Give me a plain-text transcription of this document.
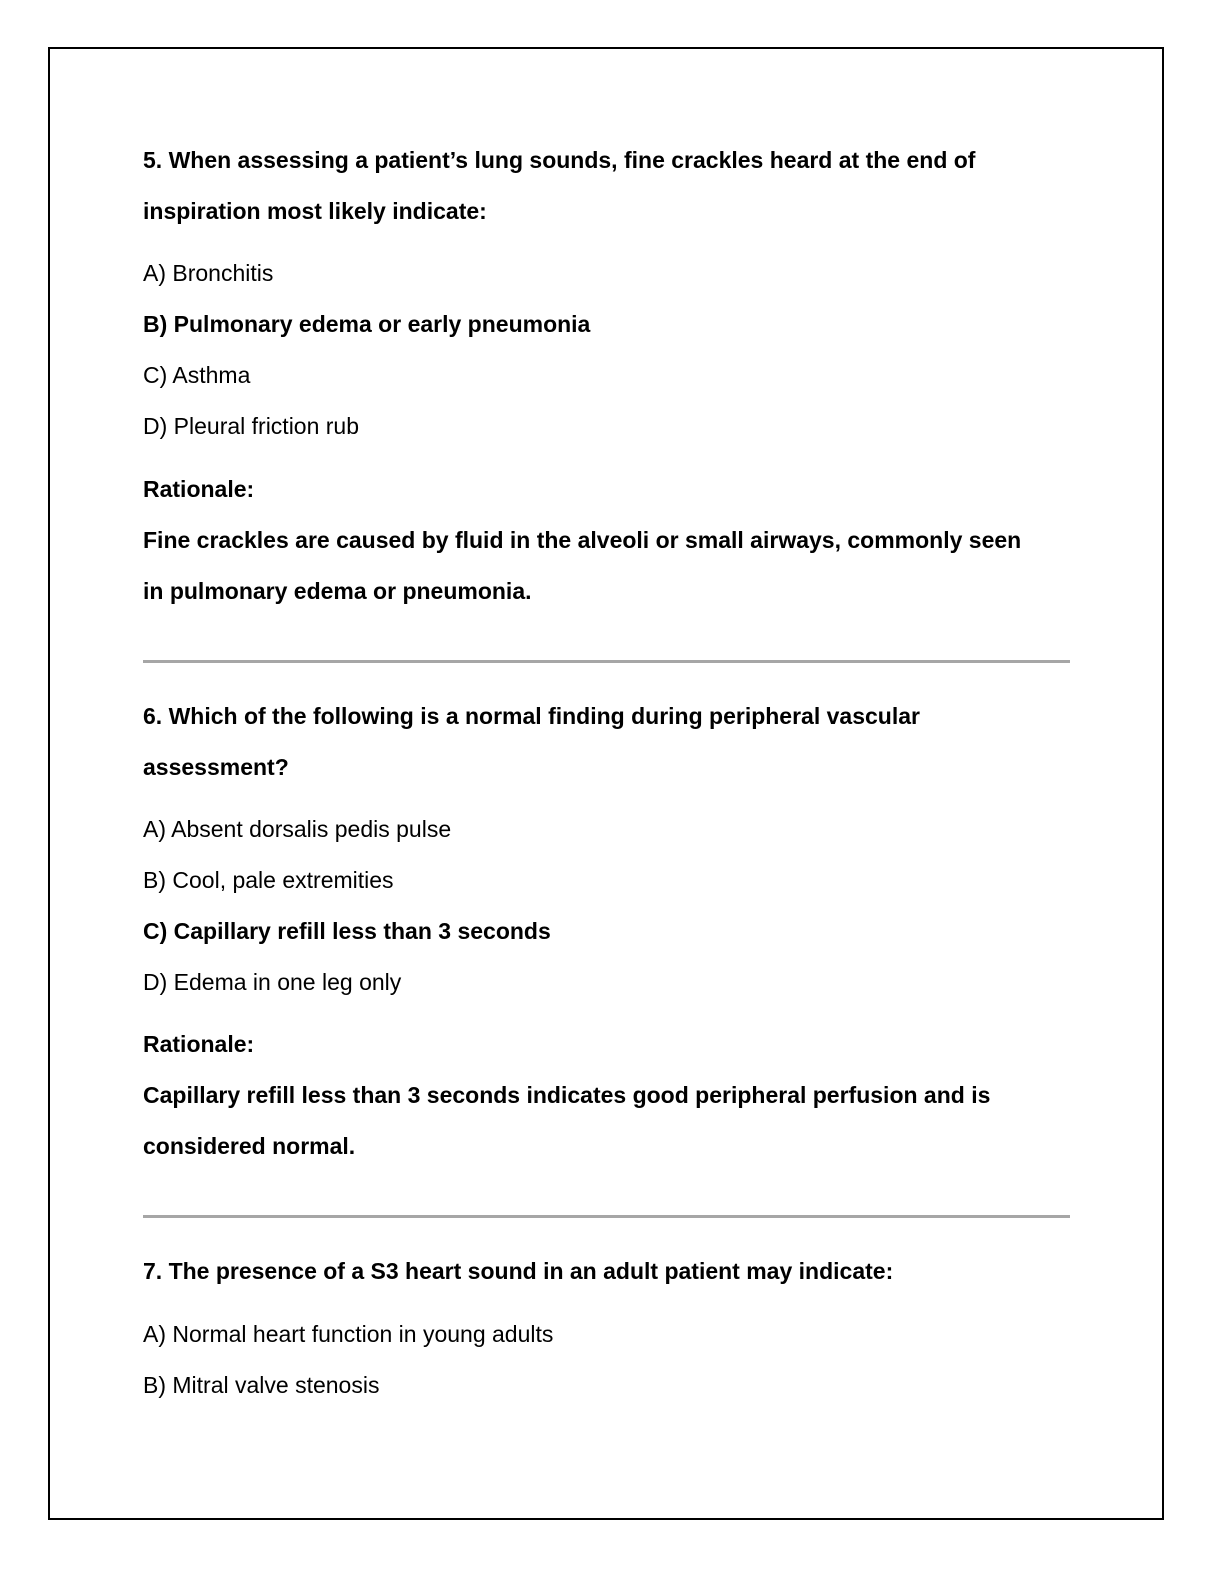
5. When assessing a patient’s lung sounds, fine crackles heard at the end of
inspiration most likely indicate:
A) Bronchitis
B) Pulmonary edema or early pneumonia
C) Asthma
D) Pleural friction rub
Rationale:
Fine crackles are caused by fluid in the alveoli or small airways, commonly seen
in pulmonary edema or pneumonia.
6. Which of the following is a normal finding during peripheral vascular
assessment?
A) Absent dorsalis pedis pulse
B) Cool, pale extremities
C) Capillary refill less than 3 seconds
D) Edema in one leg only
Rationale:
Capillary refill less than 3 seconds indicates good peripheral perfusion and is
considered normal.
7. The presence of a S3 heart sound in an adult patient may indicate:
A) Normal heart function in young adults
B) Mitral valve stenosis
